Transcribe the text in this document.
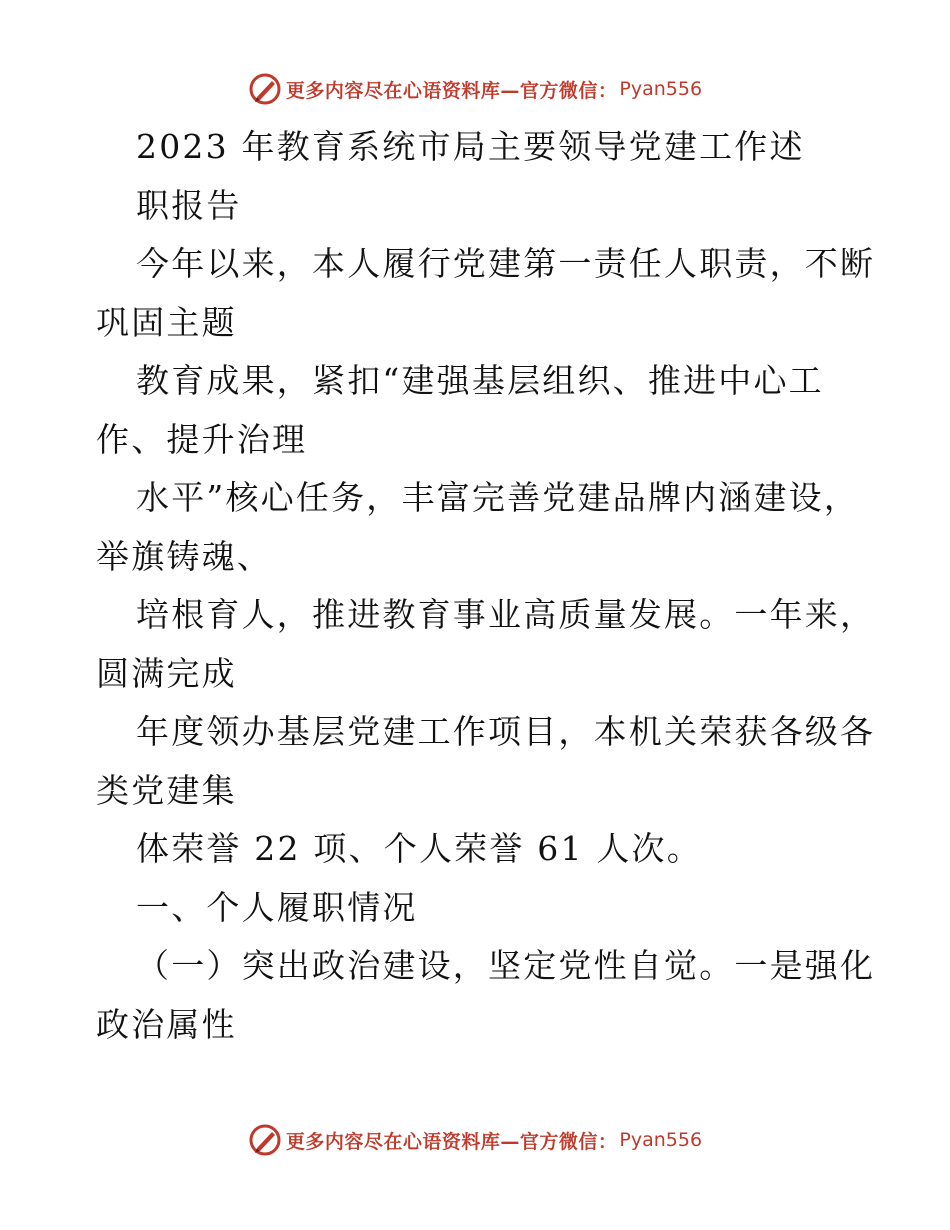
更多内容尽在心语资料库—官方微信： Pyan556
2023 年教育系统市局主要领导党建工作述
职报告
今年以来，本人履行党建第一责任人职责，不断
巩固主题
教育成果，紧扣“建强基层组织、推进中心工
作、提升治理
水平”核心任务，丰富完善党建品牌内涵建设，
举旗铸魂、
培根育人，推进教育事业高质量发展。一年来，
圆满完成
年度领办基层党建工作项目，本机关荣获各级各
类党建集
体荣誉 22 项、个人荣誉 61 人次。
一、个人履职情况
（一）突出政治建设，坚定党性自觉。一是强化
政治属性
更多内容尽在心语资料库—官方微信： Pyan556
